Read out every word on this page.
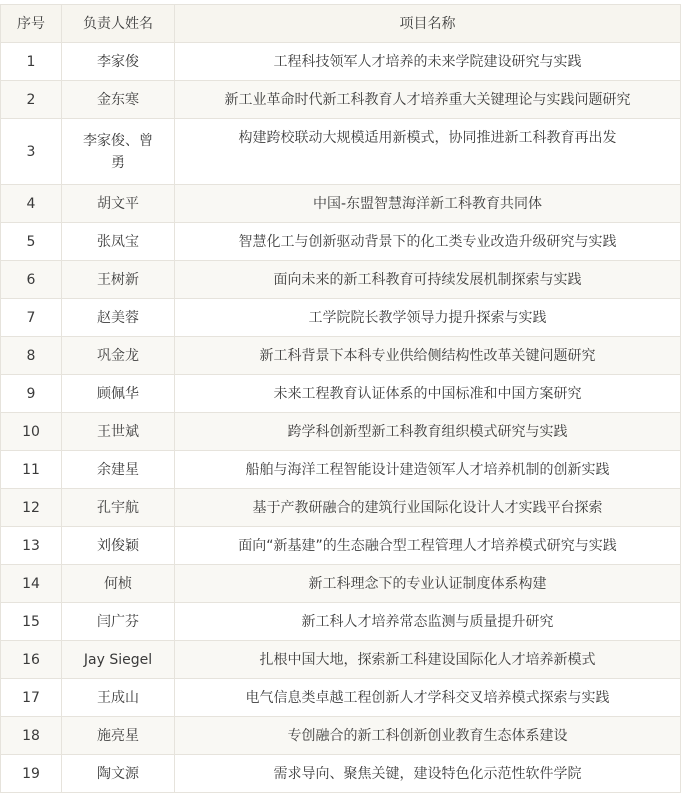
序号	负责人姓名	项目名称
1	李家俊	工程科技领军人才培养的未来学院建设研究与实践
2	金东寒	新工业革命时代新工科教育人才培养重大关键理论与实践问题研究
3	李家俊、曾勇	构建跨校联动大规模适用新模式，协同推进新工科教育再出发
4	胡文平	中国-东盟智慧海洋新工科教育共同体
5	张凤宝	智慧化工与创新驱动背景下的化工类专业改造升级研究与实践
6	王树新	面向未来的新工科教育可持续发展机制探索与实践
7	赵美蓉	工学院院长教学领导力提升探索与实践
8	巩金龙	新工科背景下本科专业供给侧结构性改革关键问题研究
9	顾佩华	未来工程教育认证体系的中国标准和中国方案研究
10	王世斌	跨学科创新型新工科教育组织模式研究与实践
11	余建星	船舶与海洋工程智能设计建造领军人才培养机制的创新实践
12	孔宇航	基于产教研融合的建筑行业国际化设计人才实践平台探索
13	刘俊颖	面向“新基建”的生态融合型工程管理人才培养模式研究与实践
14	何桢	新工科理念下的专业认证制度体系构建
15	闫广芬	新工科人才培养常态监测与质量提升研究
16	Jay Siegel	扎根中国大地，探索新工科建设国际化人才培养新模式
17	王成山	电气信息类卓越工程创新人才学科交叉培养模式探索与实践
18	施亮星	专创融合的新工科创新创业教育生态体系建设
19	陶文源	需求导向、聚焦关键，建设特色化示范性软件学院
